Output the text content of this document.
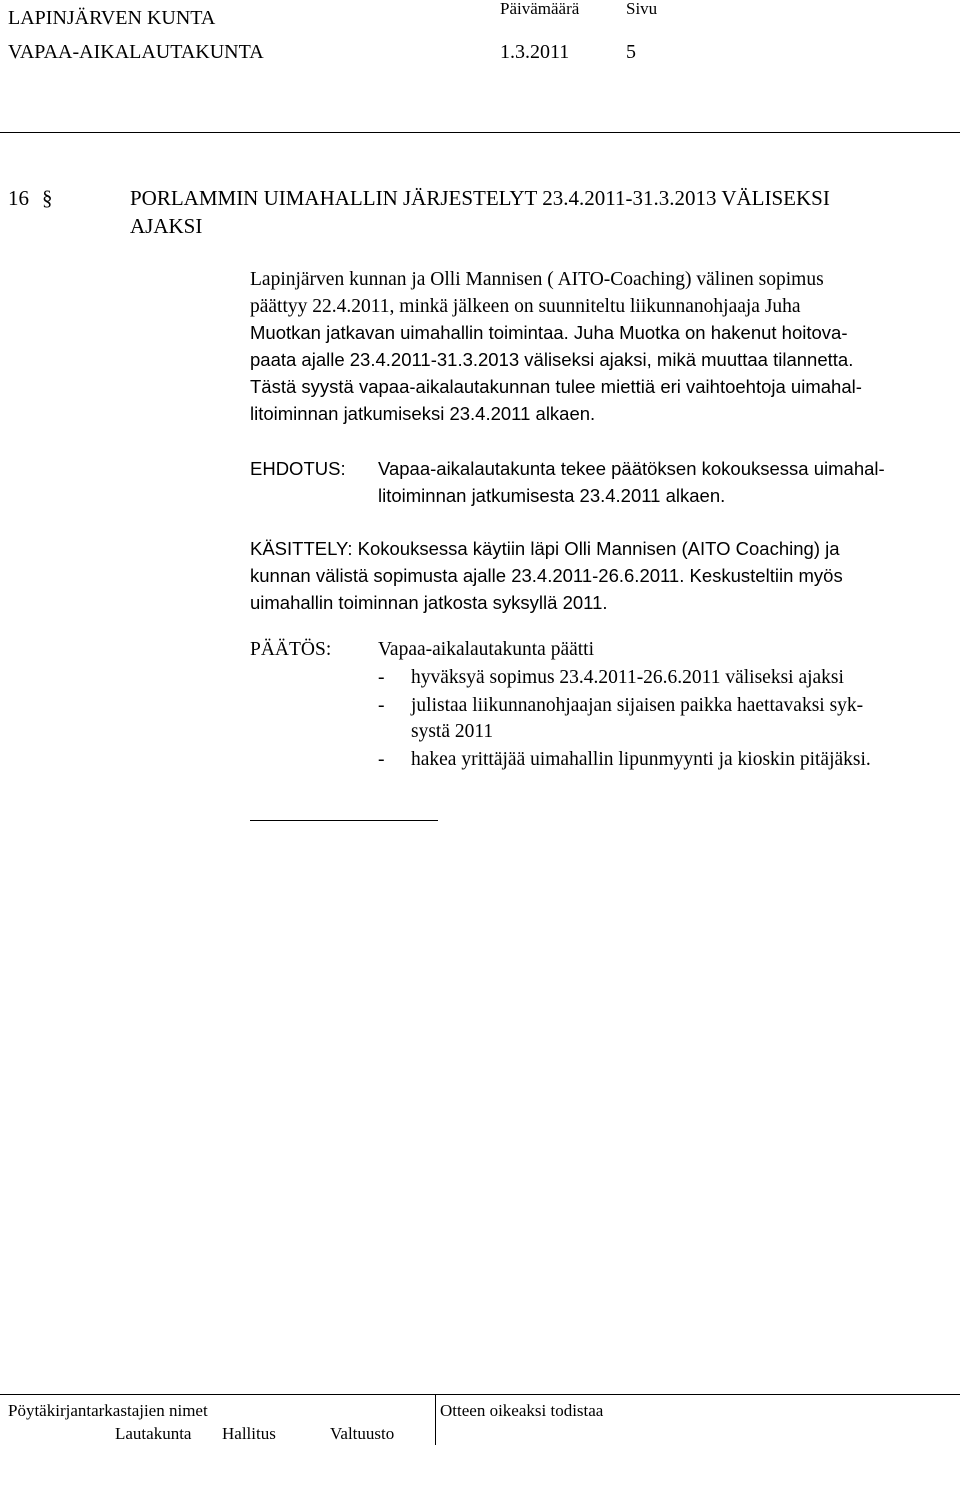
LAPINJÄRVEN KUNTA	Päivämäärä	Sivu
VAPAA-AIKALAUTAKUNTA	1.3.2011	5
16 §	PORLAMMIN UIMAHALLIN JÄRJESTELYT 23.4.2011-31.3.2013 VÄLISEKSI
AJAKSI
Lapinjärven kunnan ja Olli Mannisen ( AITO-Coaching) välinen sopimus
päättyy 22.4.2011, minkä jälkeen on suunniteltu liikunnanohjaaja Juha
Muotkan jatkavan uimahallin toimintaa. Juha Muotka on hakenut hoitova-
paata ajalle 23.4.2011-31.3.2013 väliseksi ajaksi, mikä muuttaa tilannetta.
Tästä syystä vapaa-aikalautakunnan tulee miettiä eri vaihtoehtoja uimahal-
litoiminnan jatkumiseksi 23.4.2011 alkaen.
EHDOTUS: Vapaa-aikalautakunta tekee päätöksen kokouksessa uimahal-
litoiminnan jatkumisesta 23.4.2011 alkaen.
KÄSITTELY: Kokouksessa käytiin läpi Olli Mannisen (AITO Coaching) ja
kunnan välistä sopimusta ajalle 23.4.2011-26.6.2011. Keskusteltiin myös
uimahallin toiminnan jatkosta syksyllä 2011.
PÄÄTÖS: Vapaa-aikalautakunta päätti
- hyväksyä sopimus 23.4.2011-26.6.2011 väliseksi ajaksi
- julistaa liikunnanohjaajan sijaisen paikka haettavaksi syk-
systä 2011
- hakea yrittäjää uimahallin lipunmyynti ja kioskin pitäjäksi.
Pöytäkirjantarkastajien nimet	Otteen oikeaksi todistaa
Lautakunta Hallitus	Valtuusto
